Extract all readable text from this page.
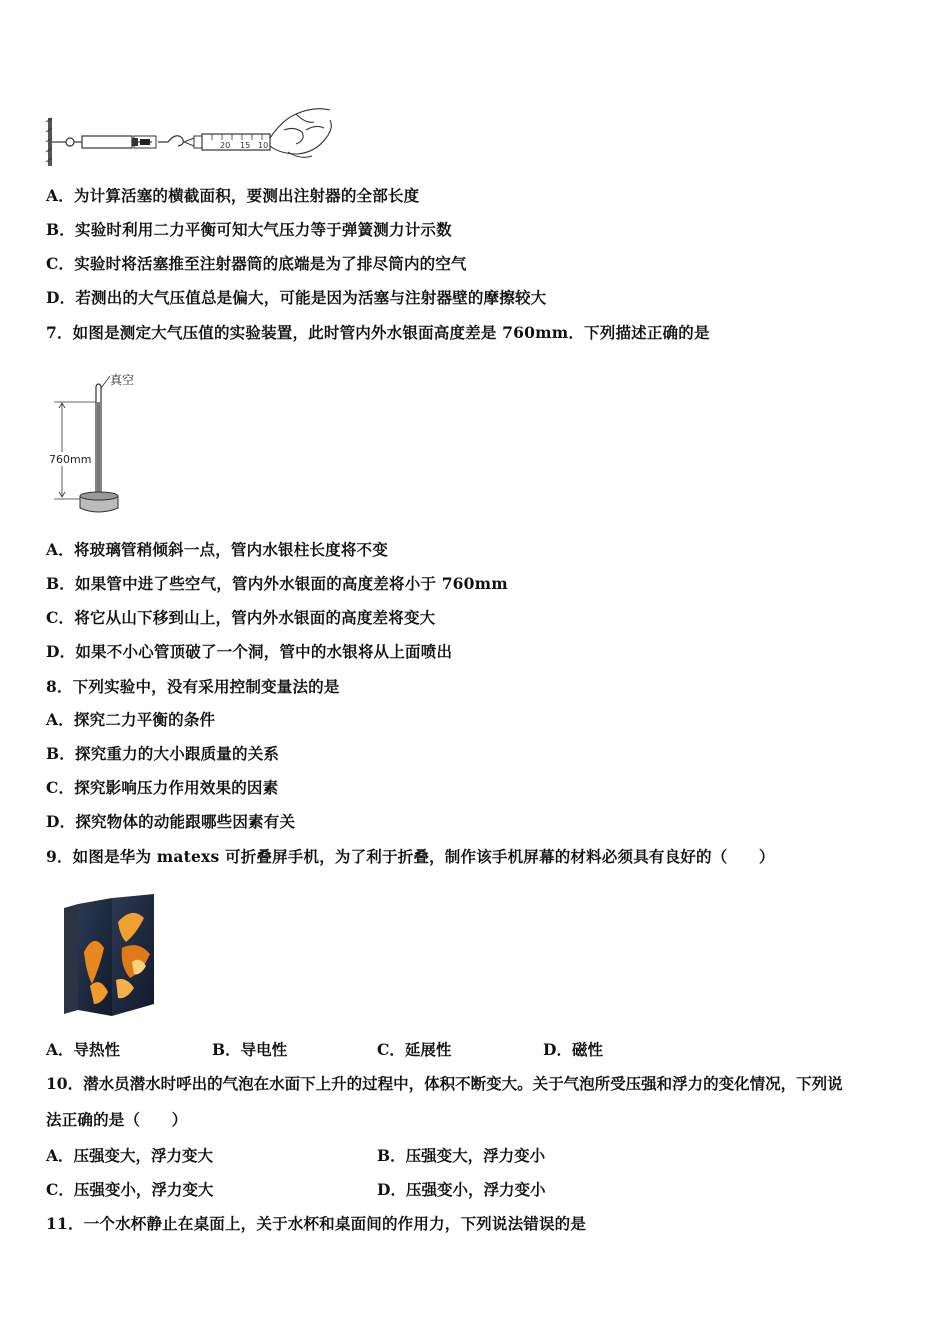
20 15 10
A．为计算活塞的横截面积，要测出注射器的全部长度
B．实验时利用二力平衡可知大气压力等于弹簧测力计示数
C．实验时将活塞推至注射器筒的底端是为了排尽筒内的空气
D．若测出的大气压值总是偏大，可能是因为活塞与注射器壁的摩擦较大
7．如图是测定大气压值的实验装置，此时管内外水银面高度差是 760mm．下列描述正确的是
真空
760mm
A．将玻璃管稍倾斜一点，管内水银柱长度将不变
B．如果管中进了些空气，管内外水银面的高度差将小于 760mm
C．将它从山下移到山上，管内外水银面的高度差将变大
D．如果不小心管顶破了一个洞，管中的水银将从上面喷出
8．下列实验中，没有采用控制变量法的是
A．探究二力平衡的条件
B．探究重力的大小跟质量的关系
C．探究影响压力作用效果的因素
D．探究物体的动能跟哪些因素有关
9．如图是华为 matexs 可折叠屏手机，为了利于折叠，制作该手机屏幕的材料必须具有良好的（　　）
A．导热性	B．导电性	C．延展性	D．磁性
10．潜水员潜水时呼出的气泡在水面下上升的过程中，体积不断变大。关于气泡所受压强和浮力的变化情况，下列说
法正确的是（　　）
A．压强变大，浮力变大	B．压强变大，浮力变小
C．压强变小，浮力变大	D．压强变小，浮力变小
11．一个水杯静止在桌面上，关于水杯和桌面间的作用力，下列说法错误的是
